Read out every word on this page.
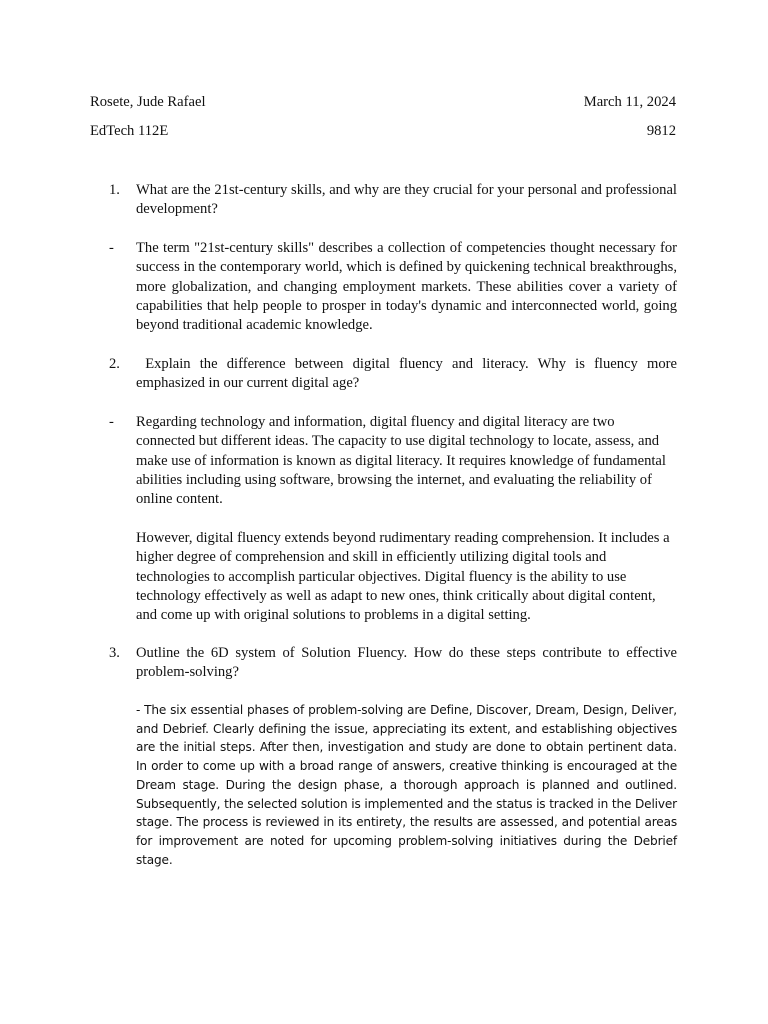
Rosete, Jude Rafael	March 11, 2024
EdTech 112E	9812
1.	What are the 21st-century skills, and why are they crucial for your personal and professional development?
-	The term "21st-century skills" describes a collection of competencies thought necessary for success in the contemporary world, which is defined by quickening technical breakthroughs, more globalization, and changing employment markets. These abilities cover a variety of capabilities that help people to prosper in today's dynamic and interconnected world, going beyond traditional academic knowledge.
2.	Explain the difference between digital fluency and literacy. Why is fluency more emphasized in our current digital age?
-	Regarding technology and information, digital fluency and digital literacy are two connected but different ideas. The capacity to use digital technology to locate, assess, and make use of information is known as digital literacy. It requires knowledge of fundamental abilities including using software, browsing the internet, and evaluating the reliability of online content.
However, digital fluency extends beyond rudimentary reading comprehension. It includes a higher degree of comprehension and skill in efficiently utilizing digital tools and technologies to accomplish particular objectives. Digital fluency is the ability to use technology effectively as well as adapt to new ones, think critically about digital content, and come up with original solutions to problems in a digital setting.
3.	Outline the 6D system of Solution Fluency. How do these steps contribute to effective problem-solving?
- The six essential phases of problem-solving are Define, Discover, Dream, Design, Deliver, and Debrief. Clearly defining the issue, appreciating its extent, and establishing objectives are the initial steps. After then, investigation and study are done to obtain pertinent data. In order to come up with a broad range of answers, creative thinking is encouraged at the Dream stage. During the design phase, a thorough approach is planned and outlined. Subsequently, the selected solution is implemented and the status is tracked in the Deliver stage. The process is reviewed in its entirety, the results are assessed, and potential areas for improvement are noted for upcoming problem-solving initiatives during the Debrief stage.
